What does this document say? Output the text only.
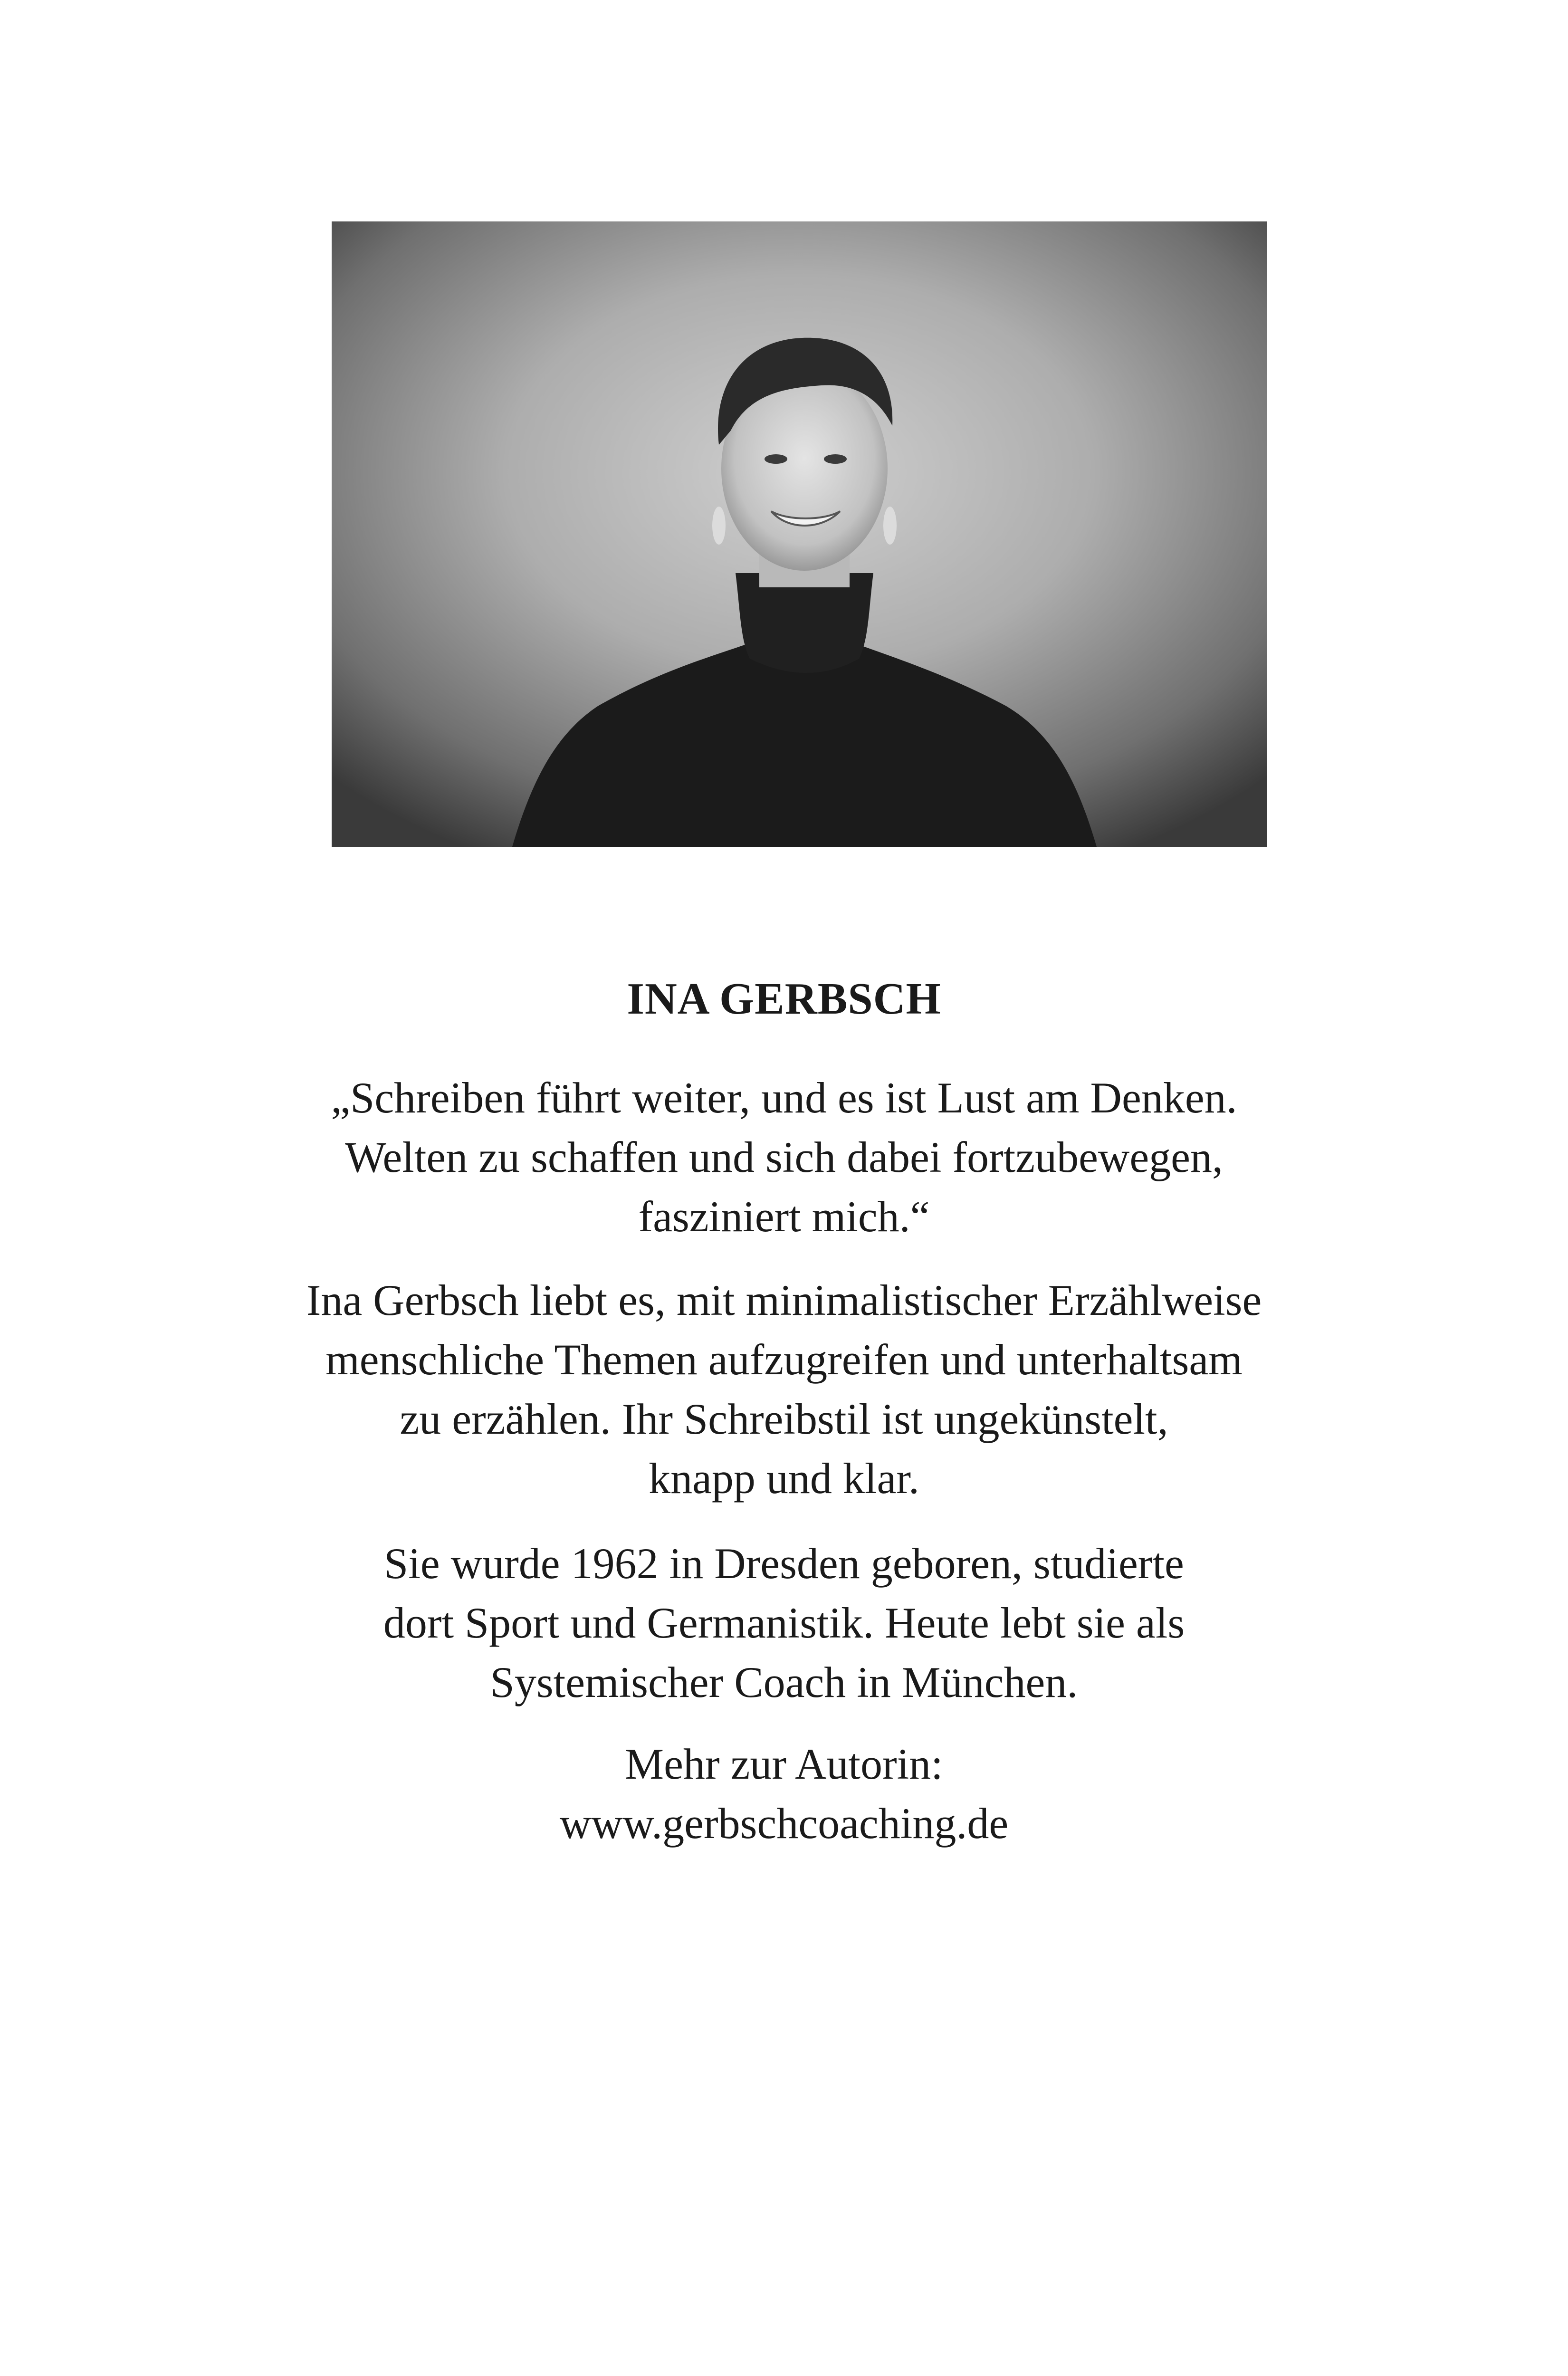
INA GERBSCH
„Schreiben führt weiter, und es ist Lust am Denken.
Welten zu schaffen und sich dabei fortzubewegen,
fasziniert mich.“
Ina Gerbsch liebt es, mit minimalistischer Erzählweise
menschliche Themen aufzugreifen und unterhaltsam
zu erzählen. Ihr Schreibstil ist ungekünstelt,
knapp und klar.
Sie wurde 1962 in Dresden geboren, studierte
dort Sport und Germanistik. Heute lebt sie als
Systemischer Coach in München.
Mehr zur Autorin:
www.gerbschcoaching.de
